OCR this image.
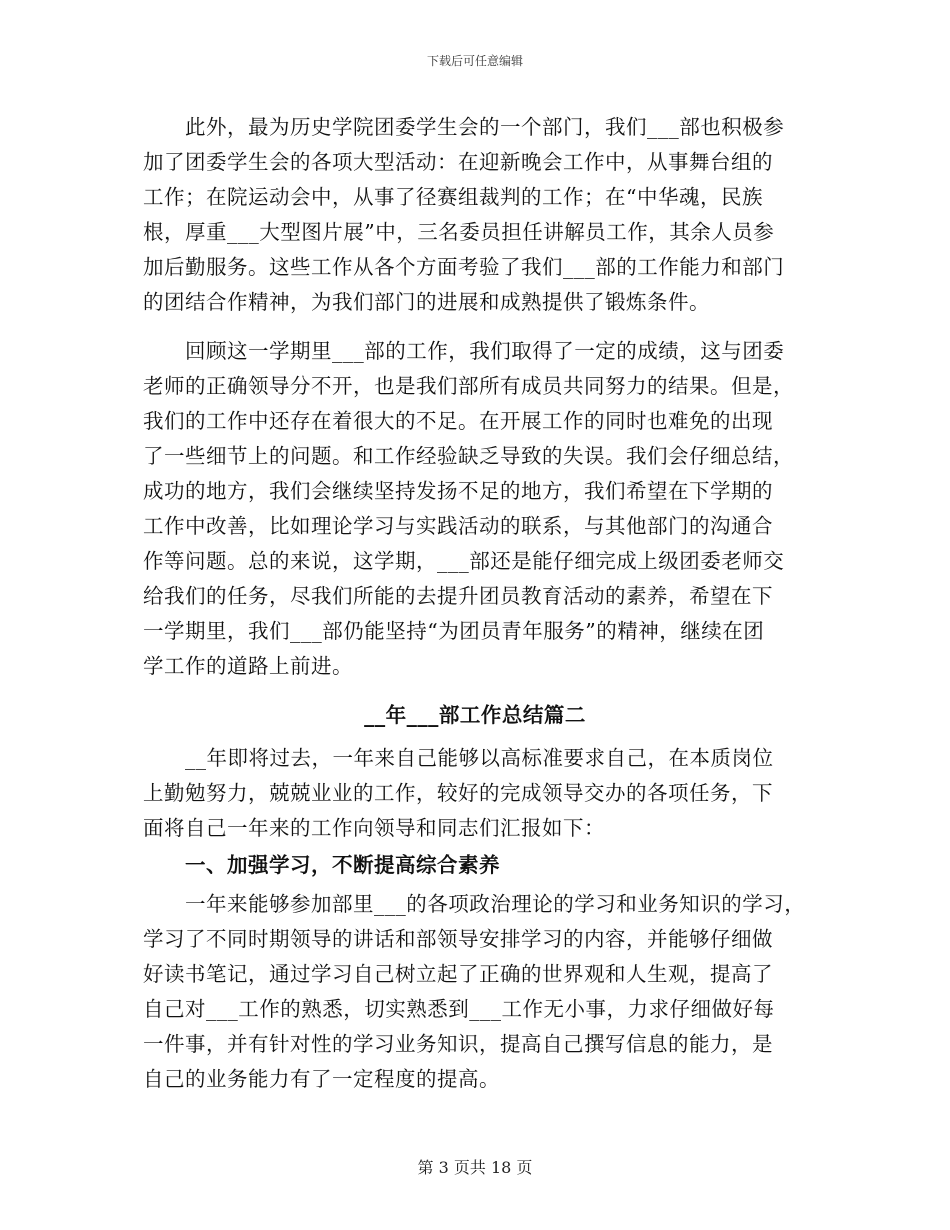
下载后可任意编辑
此外，最为历史学院团委学生会的一个部门，我们___部也积极参
加了团委学生会的各项大型活动：在迎新晚会工作中，从事舞台组的
工作；在院运动会中，从事了径赛组裁判的工作；在“中华魂，民族
根，厚重___大型图片展”中，三名委员担任讲解员工作，其余人员参
加后勤服务。这些工作从各个方面考验了我们___部的工作能力和部门
的团结合作精神，为我们部门的进展和成熟提供了锻炼条件。
回顾这一学期里___部的工作，我们取得了一定的成绩，这与团委
老师的正确领导分不开，也是我们部所有成员共同努力的结果。但是，
我们的工作中还存在着很大的不足。在开展工作的同时也难免的出现
了一些细节上的问题。和工作经验缺乏导致的失误。我们会仔细总结，
成功的地方，我们会继续坚持发扬不足的地方，我们希望在下学期的
工作中改善，比如理论学习与实践活动的联系，与其他部门的沟通合
作等问题。总的来说，这学期，___部还是能仔细完成上级团委老师交
给我们的任务，尽我们所能的去提升团员教育活动的素养，希望在下
一学期里，我们___部仍能坚持“为团员青年服务”的精神，继续在团
学工作的道路上前进。
__年___部工作总结篇二
__年即将过去，一年来自己能够以高标准要求自己，在本质岗位
上勤勉努力，兢兢业业的工作，较好的完成领导交办的各项任务，下
面将自己一年来的工作向领导和同志们汇报如下：
一、加强学习，不断提高综合素养
一年来能够参加部里___的各项政治理论的学习和业务知识的学习，
学习了不同时期领导的讲话和部领导安排学习的内容，并能够仔细做
好读书笔记，通过学习自己树立起了正确的世界观和人生观，提高了
自己对___工作的熟悉，切实熟悉到___工作无小事，力求仔细做好每
一件事，并有针对性的学习业务知识，提高自己撰写信息的能力，是
自己的业务能力有了一定程度的提高。
第 3 页共 18 页
